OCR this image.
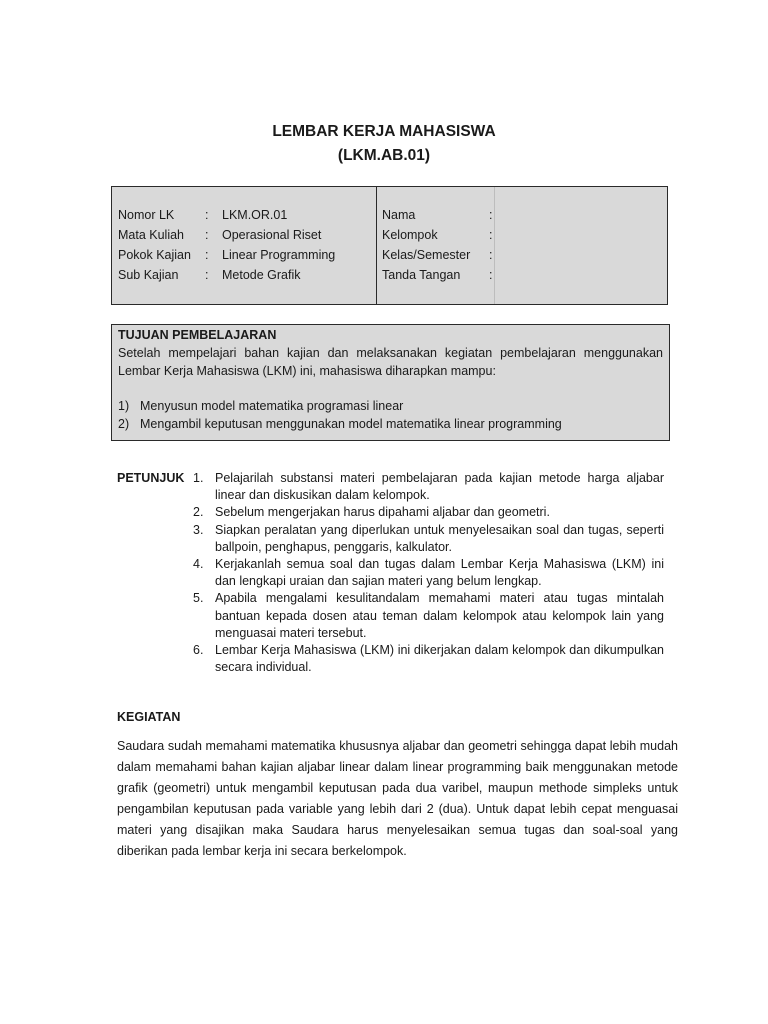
LEMBAR KERJA MAHASISWA
(LKM.AB.01)
Nomor LK : LKM.OR.01	Nama	:
Mata Kuliah : Operasional Riset	Kelompok	:
Pokok Kajian : Linear Programming	Kelas/Semester :
Sub Kajian : Metode Grafik	Tanda Tangan :
TUJUAN PEMBELAJARAN
Setelah mempelajari bahan kajian dan melaksanakan kegiatan pembelajaran menggunakan Lembar Kerja Mahasiswa (LKM) ini, mahasiswa diharapkan mampu:
1) Menyusun model matematika programasi linear
2) Mengambil keputusan menggunakan model matematika linear programming
PETUNJUK 1. Pelajarilah substansi materi pembelajaran pada kajian metode harga aljabar linear dan diskusikan dalam kelompok.
2. Sebelum mengerjakan harus dipahami aljabar dan geometri.
3. Siapkan peralatan yang diperlukan untuk menyelesaikan soal dan tugas, seperti ballpoin, penghapus, penggaris, kalkulator.
4. Kerjakanlah semua soal dan tugas dalam Lembar Kerja Mahasiswa (LKM) ini dan lengkapi uraian dan sajian materi yang belum lengkap.
5. Apabila mengalami kesulitandalam memahami materi atau tugas mintalah bantuan kepada dosen atau teman dalam kelompok atau kelompok lain yang menguasai materi tersebut.
6. Lembar Kerja Mahasiswa (LKM) ini dikerjakan dalam kelompok dan dikumpulkan secara individual.
KEGIATAN

Saudara sudah memahami matematika khususnya aljabar dan geometri sehingga dapat lebih mudah dalam memahami bahan kajian aljabar linear dalam linear programming baik menggunakan metode grafik (geometri) untuk mengambil keputusan pada dua varibel, maupun methode simpleks untuk pengambilan keputusan pada variable yang lebih dari 2 (dua). Untuk dapat lebih cepat menguasai materi yang disajikan maka Saudara harus menyelesaikan semua tugas dan soal-soal yang diberikan pada lembar kerja ini secara berkelompok.
